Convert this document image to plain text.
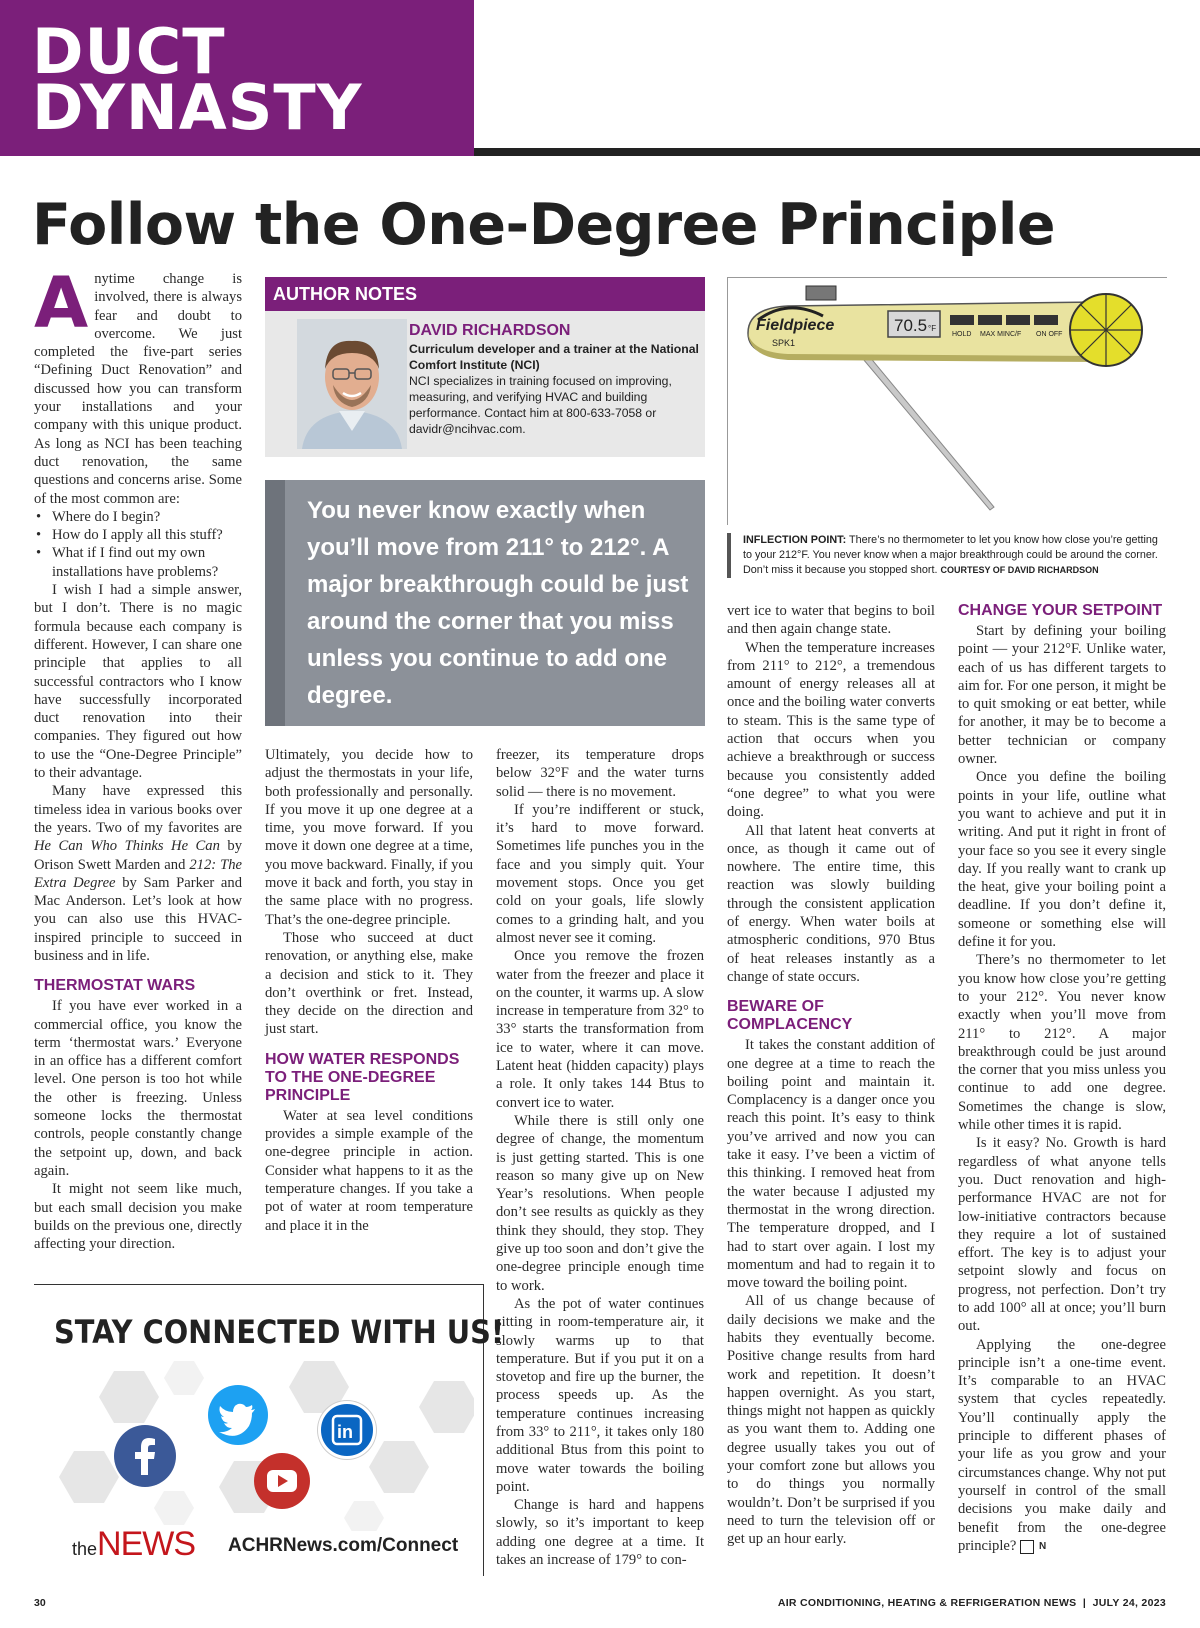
DUCT
DYNASTY
Follow the One-Degree Principle

Anytime change is involved, there is always fear and doubt to overcome. We just completed the five-part series “Defining Duct Renovation” and discussed how you can transform your installations and your company with this unique product. As long as NCI has been teaching duct renovation, the same questions and concerns arise. Some of the most common are:

• Where do I begin?
• How do I apply all this stuff?
• What if I find out my own installations have problems?

I wish I had a simple answer, but I don’t. There is no magic formula because each company is different. However, I can share one principle that applies to all successful contractors who I know have successfully incorporated duct renovation into their companies. They figured out how to use the “One-Degree Principle” to their advantage.

Many have expressed this timeless idea in various books over the years. Two of my favorites are He Can Who Thinks He Can by Orison Swett Marden and 212: The Extra Degree by Sam Parker and Mac Anderson. Let’s look at how you can also use this HVAC-inspired principle to succeed in business and in life.

THERMOSTAT WARS

If you have ever worked in a commercial office, you know the term ‘thermostat wars.’ Everyone in an office has a different comfort level. One person is too hot while the other is freezing. Unless someone locks the thermostat controls, people constantly change the setpoint up, down, and back again.

It might not seem like much, but each small decision you make builds on the previous one, directly affecting your direction.

AUTHOR NOTES
DAVID RICHARDSON
Curriculum developer and a trainer at the National Comfort Institute (NCI)
NCI specializes in training focused on improving, measuring, and verifying HVAC and building performance. Contact him at 800-633-7058 or davidr@ncihvac.com.

You never know exactly when you’ll move from 211° to 212°. A major breakthrough could be just around the corner that you miss unless you continue to add one degree.

70.5 °F
HOLD MAX MIN C/F ON OFF
Fieldpiece
SPK1
INFLECTION POINT: There’s no thermometer to let you know how close you’re getting to your 212°F. You never know when a major breakthrough could be around the corner. Don’t miss it because you stopped short. COURTESY OF DAVID RICHARDSON

Ultimately, you decide how to adjust the thermostats in your life, both professionally and personally. If you move it up one degree at a time, you move forward. If you move it down one degree at a time, you move backward. Finally, if you move it back and forth, you stay in the same place with no progress. That’s the one-degree principle.

Those who succeed at duct renovation, or anything else, make a decision and stick to it. They don’t overthink or fret. Instead, they decide on the direction and just start.

HOW WATER RESPONDS TO THE ONE-DEGREE PRINCIPLE

Water at sea level conditions provides a simple example of the one-degree principle in action. Consider what happens to it as the temperature changes. If you take a pot of water at room temperature and place it in the

freezer, its temperature drops below 32°F and the water turns solid — there is no movement.

If you’re indifferent or stuck, it’s hard to move forward. Sometimes life punches you in the face and you simply quit. Your movement stops. Once you get cold on your goals, life slowly comes to a grinding halt, and you almost never see it coming.

Once you remove the frozen water from the freezer and place it on the counter, it warms up. A slow increase in temperature from 32° to 33° starts the transformation from ice to water, where it can move. Latent heat (hidden capacity) plays a role. It only takes 144 Btus to convert ice to water.

While there is still only one degree of change, the momentum is just getting started. This is one reason so many give up on New Year’s resolutions. When people don’t see results as quickly as they think they should, they stop. They give up too soon and don’t give the one-degree principle enough time to work.

As the pot of water continues sitting in room-temperature air, it slowly warms up to that temperature. But if you put it on a stovetop and fire up the burner, the process speeds up. As the temperature continues increasing from 33° to 211°, it takes only 180 additional Btus from this point to move water towards the boiling point.

Change is hard and happens slowly, so it’s important to keep adding one degree at a time. It takes an increase of 179° to con-

vert ice to water that begins to boil and then again change state.

When the temperature increases from 211° to 212°, a tremendous amount of energy releases all at once and the boiling water converts to steam. This is the same type of action that occurs when you achieve a breakthrough or success because you consistently added “one degree” to what you were doing.

All that latent heat converts at once, as though it came out of nowhere. The entire time, this reaction was slowly building through the consistent application of energy. When water boils at atmospheric conditions, 970 Btus of heat releases instantly as a change of state occurs.

BEWARE OF COMPLACENCY

It takes the constant addition of one degree at a time to reach the boiling point and maintain it. Complacency is a danger once you reach this point. It’s easy to think you’ve arrived and now you can take it easy. I’ve been a victim of this thinking. I removed heat from the water because I adjusted my thermostat in the wrong direction. The temperature dropped, and I had to start over again. I lost my momentum and had to regain it to move toward the boiling point.

All of us change because of daily decisions we make and the habits they eventually become. Positive change results from hard work and repetition. It doesn’t happen overnight. As you start, things might not happen as quickly as you want them to. Adding one degree usually takes you out of your comfort zone but allows you to do things you normally wouldn’t. Don’t be surprised if you need to turn the television off or get up an hour early.

CHANGE YOUR SETPOINT

Start by defining your boiling point — your 212°F. Unlike water, each of us has different targets to aim for. For one person, it might be to quit smoking or eat better, while for another, it may be to become a better technician or company owner.

Once you define the boiling points in your life, outline what you want to achieve and put it in writing. And put it right in front of your face so you see it every single day. If you really want to crank up the heat, give your boiling point a deadline. If you don’t define it, someone or something else will define it for you.

There’s no thermometer to let you know how close you’re getting to your 212°. You never know exactly when you’ll move from 211° to 212°. A major breakthrough could be just around the corner that you miss unless you continue to add one degree. Sometimes the change is slow, while other times it is rapid.

Is it easy? No. Growth is hard regardless of what anyone tells you. Duct renovation and high-performance HVAC are not for low-initiative contractors because they require a lot of sustained effort. The key is to adjust your setpoint slowly and focus on progress, not perfection. Don’t try to add 100° all at once; you’ll burn out.

Applying the one-degree principle isn’t a one-time event. It’s comparable to an HVAC system that cycles repeatedly. You’ll continually apply the principle to different phases of your life as you grow and your circumstances change. Why not put yourself in control of the small decisions you make daily and benefit from the one-degree principle? N

STAY CONNECTED WITH US!
in
theNEWS ACHRNews.com/Connect
30	AIR CONDITIONING, HEATING & REFRIGERATION NEWS | JULY 24, 2023
